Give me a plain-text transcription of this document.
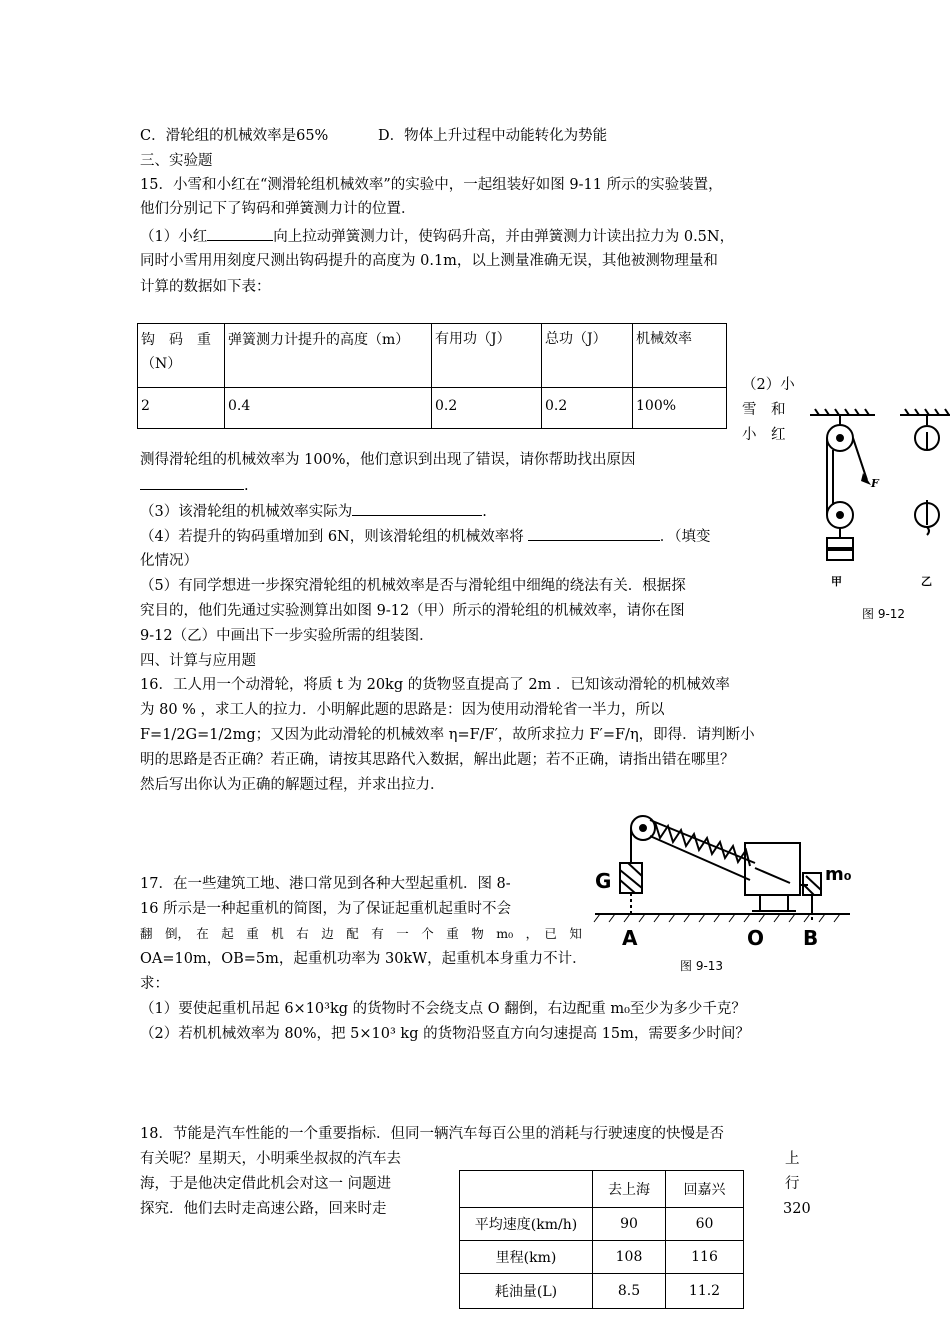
C．滑轮组的机械效率是65%	D．物体上升过程中动能转化为势能
三、实验题
15．小雪和小红在“测滑轮组机械效率”的实验中，一起组装好如图 9-11 所示的实验装置，
他们分别记下了钩码和弹簧测力计的位置．
（1）小红	向上拉动弹簧测力计，使钩码升高，并由弹簧测力计读出拉力为 0.5N，
同时小雪用用刻度尺测出钩码提升的高度为 0.1m，以上测量准确无误，其他被测物理量和
计算的数据如下表：
钩　码　重（N）	弹簧测力计提升的高度（m）	有用功（J）	总功（J）	机械效率
2	0.4	0.2	0.2	100%
（2）小
雪　和
小　红
测得滑轮组的机械效率为 100%，他们意识到出现了错误，请你帮助找出原因
.
（3）该滑轮组的机械效率实际为	.
（4）若提升的钩码重增加到 6N，则该滑轮组的机械效率将	．（填变
化情况）
（5）有同学想进一步探究滑轮组的机械效率是否与滑轮组中细绳的绕法有关．根据探
究目的，他们先通过实验测算出如图 9-12（甲）所示的滑轮组的机械效率，请你在图
9-12（乙）中画出下一步实验所需的组装图．
F
甲	乙
图 9-12
四、计算与应用题
16．工人用一个动滑轮，将质 t 为 20kg 的货物竖直提高了 2m ．已知该动滑轮的机械效率
为 80 % ，求工人的拉力．小明解此题的思路是：因为使用动滑轮省一半力，所以
F=1/2G=1/2mg；又因为此动滑轮的机械效率 η=F/F′，故所求拉力 F′=F/η，即得．请判断小
明的思路是否正确？若正确，请按其思路代入数据，解出此题；若不正确，请指出错在哪里？
然后写出你认为正确的解题过程，并求出拉力．
G
A	O B
m₀
图 9-13
17．在一些建筑工地、港口常见到各种大型起重机．图 8-
16 所示是一种起重机的简图，为了保证起重机起重时不会
翻　倒，　在　起　重　机　右　边　配　有　一　个　重　物　m₀　，　已　知
OA=10m，OB=5m，起重机功率为 30kW，起重机本身重力不计．
求：
（1）要使起重机吊起 6×10³kg 的货物时不会绕支点 O 翻倒，右边配重 m₀至少为多少千克？
（2）若机机械效率为 80%，把 5×10³ kg 的货物沿竖直方向匀速提高 15m，需要多少时间？
18．节能是汽车性能的一个重要指标．但同一辆汽车每百公里的消耗与行驶速度的快慢是否
有关呢？星期天，小明乘坐叔叔的汽车去	上
海，于是他决定借此机会对这一 问题进	行
探究．他们去时走高速公路，回来时走	320
	去上海	回嘉兴
平均速度(km/h)	90	60
里程(km)	108	116
耗油量(L)	8.5	11.2
